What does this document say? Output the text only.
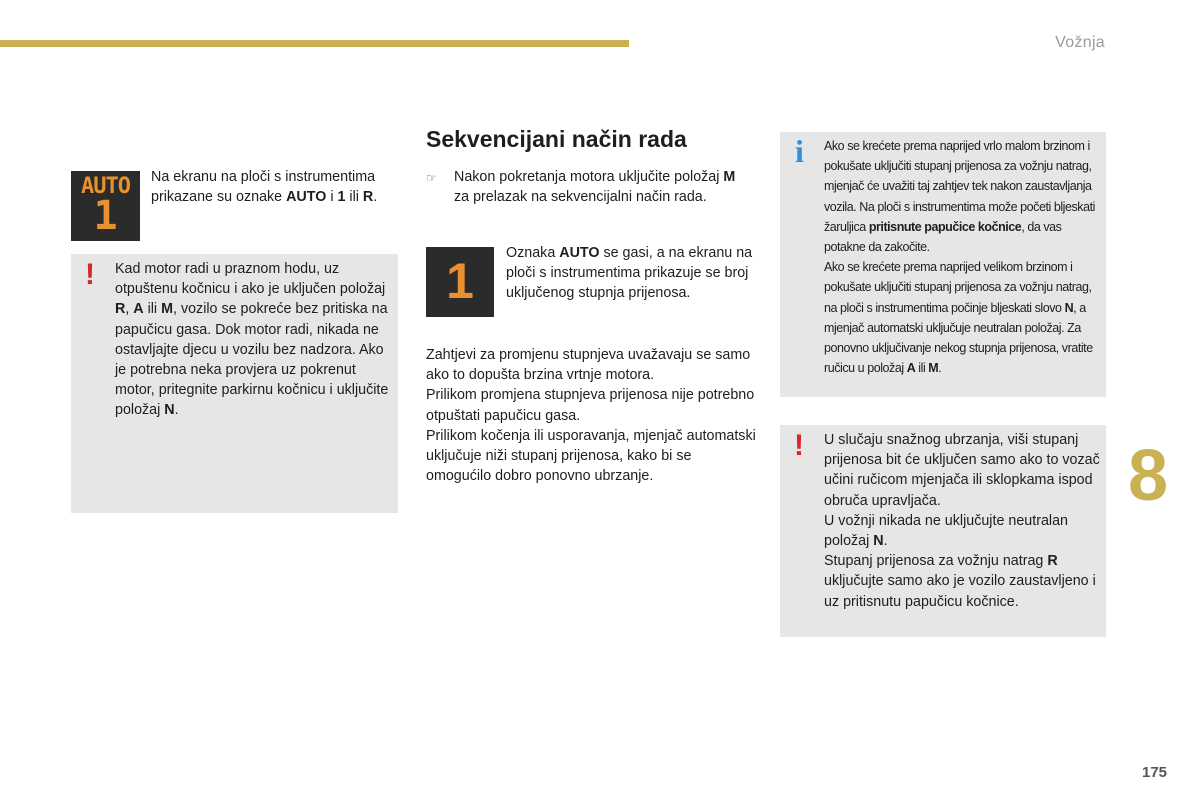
Vožnja
AUTO
1
Na ekranu na ploči s instrumentima prikazane su oznake AUTO i 1 ili R.
! Kad motor radi u praznom hodu, uz otpuštenu kočnicu i ako je uključen položaj R, A ili M, vozilo se pokreće bez pritiska na papučicu gasa. Dok motor radi, nikada ne ostavljajte djecu u vozilu bez nadzora. Ako je potrebna neka provjera uz pokrenut motor, pritegnite parkirnu kočnicu i uključite položaj N.
Sekvencijani način rada
☞ Nakon pokretanja motora uključite položaj M za prelazak na sekvencijalni način rada.
1
Oznaka AUTO se gasi, a na ekranu na ploči s instrumentima prikazuje se broj uključenog stupnja prijenosa.
Zahtjevi za promjenu stupnjeva uvažavaju se samo ako to dopušta brzina vrtnje motora.
Prilikom promjena stupnjeva prijenosa nije potrebno otpuštati papučicu gasa.
Prilikom kočenja ili usporavanja, mjenjač automatski uključuje niži stupanj prijenosa, kako bi se omogućilo dobro ponovno ubrzanje.
i Ako se krećete prema naprijed vrlo malom brzinom i pokušate uključiti stupanj prijenosa za vožnju natrag, mjenjač će uvažiti taj zahtjev tek nakon zaustavljanja vozila. Na ploči s instrumentima može početi bljeskati žaruljica pritisnute papučice kočnice, da vas potakne da zakočite.
Ako se krećete prema naprijed velikom brzinom i pokušate uključiti stupanj prijenosa za vožnju natrag, na ploči s instrumentima počinje bljeskati slovo N, a mjenjač automatski uključuje neutralan položaj. Za ponovno uključivanje nekog stupnja prijenosa, vratite ručicu u položaj A ili M.
! U slučaju snažnog ubrzanja, viši stupanj prijenosa bit će uključen samo ako to vozač učini ručicom mjenjača ili sklopkama ispod obruča upravljača.
U vožnji nikada ne uključujte neutralan položaj N.
Stupanj prijenosa za vožnju natrag R uključujte samo ako je vozilo zaustavljeno i uz pritisnutu papučicu kočnice.
8
175
